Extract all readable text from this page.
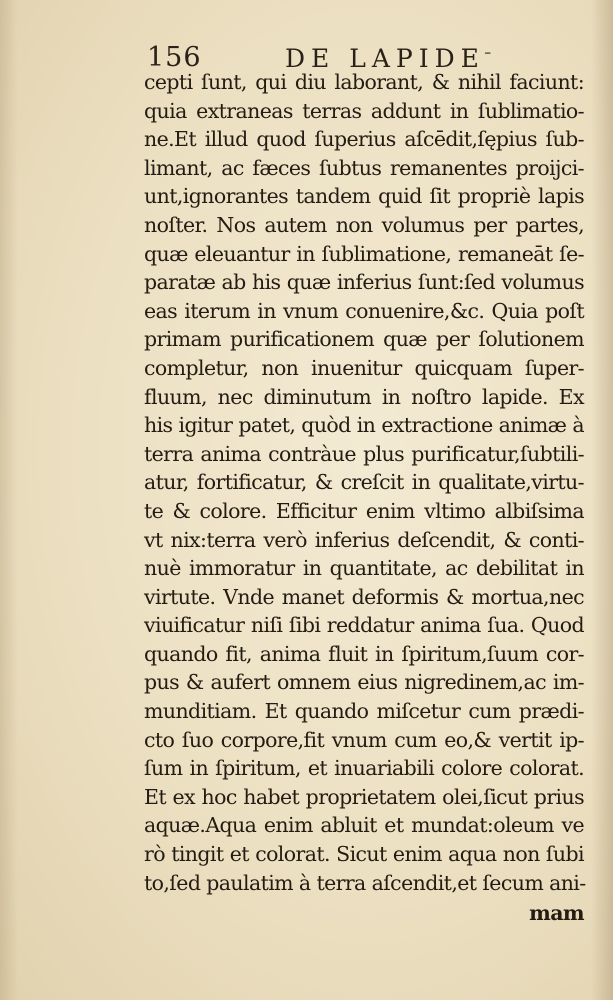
156	DE LAPIDE -
cepti ſunt, qui diu laborant, & nihil faciunt:
quia extraneas terras addunt in ſublimatio-
ne.Et illud quod ſuperius aſcēdit,ſępius ſub-
limant, ac fæces ſubtus remanentes proijci-
unt,ignorantes tandem quid ſit propriè lapis
noſter. Nos autem non volumus per partes,
quæ eleuantur in ſublimatione, remaneāt ſe-
paratæ ab his quæ inferius ſunt:ſed volumus
eas iterum in vnum conuenire,&c. Quia poſt
primam purificationem quæ per ſolutionem
completur, non inuenitur quicquam ſuper-
fluum, nec diminutum in noſtro lapide. Ex
his igitur patet, quòd in extractione animæ à
terra anima contràue plus purificatur,ſubtili-
atur, fortificatur, & creſcit in qualitate,virtu-
te & colore. Efficitur enim vltimo albiſsima
vt nix:terra verò inferius deſcendit, & conti-
nuè immoratur in quantitate, ac debilitat in
virtute. Vnde manet deformis & mortua,nec
viuificatur niſi ſibi reddatur anima ſua. Quod
quando fit, anima fluit in ſpiritum,ſuum cor-
pus & aufert omnem eius nigredinem,ac im-
munditiam. Et quando miſcetur cum prædi-
cto ſuo corpore,fit vnum cum eo,& vertit ip-
ſum in ſpiritum, et inuariabili colore colorat.
Et ex hoc habet proprietatem olei,ſicut prius
aquæ.Aqua enim abluit et mundat:oleum ve
rò tingit et colorat. Sicut enim aqua non ſubi
to,ſed paulatim à terra aſcendit,et ſecum ani-
mam
